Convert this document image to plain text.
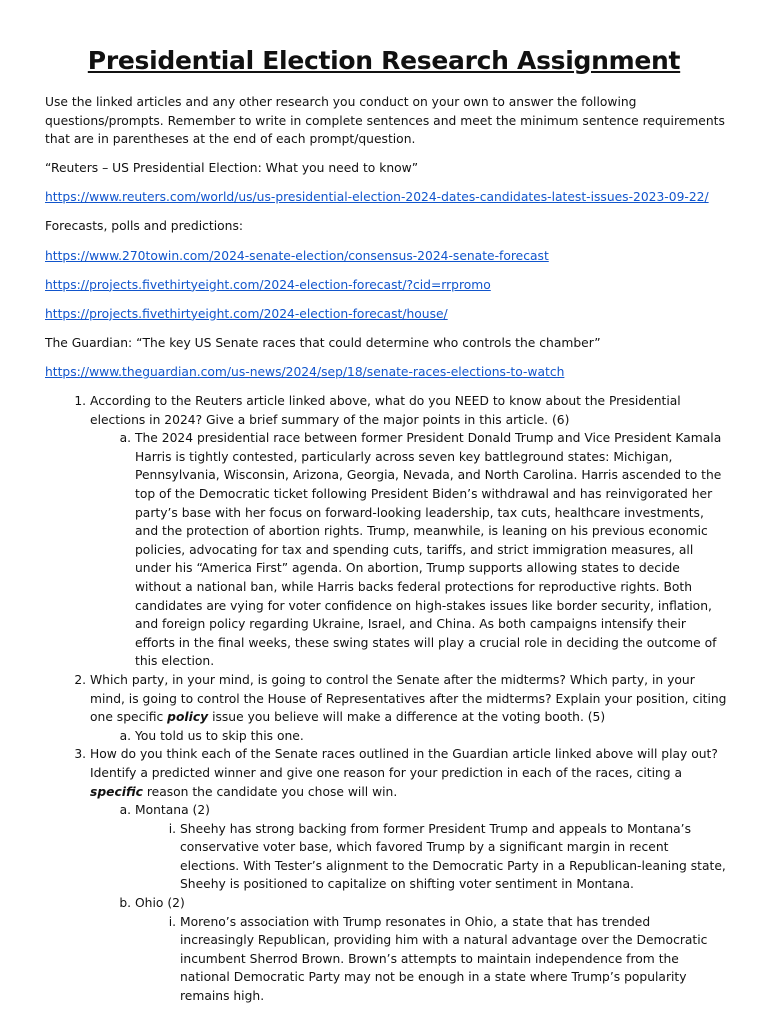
Presidential Election Research Assignment

Use the linked articles and any other research you conduct on your own to answer the following questions/prompts. Remember to write in complete sentences and meet the minimum sentence requirements that are in parentheses at the end of each prompt/question.

“Reuters – US Presidential Election: What you need to know”

https://www.reuters.com/world/us/us-presidential-election-2024-dates-candidates-latest-issues-2023-09-22/

Forecasts, polls and predictions:

https://www.270towin.com/2024-senate-election/consensus-2024-senate-forecast

https://projects.fivethirtyeight.com/2024-election-forecast/?cid=rrpromo

https://projects.fivethirtyeight.com/2024-election-forecast/house/

The Guardian: “The key US Senate races that could determine who controls the chamber”

https://www.theguardian.com/us-news/2024/sep/18/senate-races-elections-to-watch

1. According to the Reuters article linked above, what do you NEED to know about the Presidential elections in 2024? Give a brief summary of the major points in this article. (6)
a. The 2024 presidential race between former President Donald Trump and Vice President Kamala Harris is tightly contested, particularly across seven key battleground states: Michigan, Pennsylvania, Wisconsin, Arizona, Georgia, Nevada, and North Carolina. Harris ascended to the top of the Democratic ticket following President Biden’s withdrawal and has reinvigorated her party’s base with her focus on forward-looking leadership, tax cuts, healthcare investments, and the protection of abortion rights. Trump, meanwhile, is leaning on his previous economic policies, advocating for tax and spending cuts, tariffs, and strict immigration measures, all under his “America First” agenda. On abortion, Trump supports allowing states to decide without a national ban, while Harris backs federal protections for reproductive rights. Both candidates are vying for voter confidence on high-stakes issues like border security, inflation, and foreign policy regarding Ukraine, Israel, and China. As both campaigns intensify their efforts in the final weeks, these swing states will play a crucial role in deciding the outcome of this election.
2. Which party, in your mind, is going to control the Senate after the midterms? Which party, in your mind, is going to control the House of Representatives after the midterms? Explain your position, citing one specific policy issue you believe will make a difference at the voting booth. (5)
a. You told us to skip this one.
3. How do you think each of the Senate races outlined in the Guardian article linked above will play out? Identify a predicted winner and give one reason for your prediction in each of the races, citing a specific reason the candidate you chose will win.
a. Montana (2)
i. Sheehy has strong backing from former President Trump and appeals to Montana’s conservative voter base, which favored Trump by a significant margin in recent elections. With Tester’s alignment to the Democratic Party in a Republican-leaning state, Sheehy is positioned to capitalize on shifting voter sentiment in Montana.
b. Ohio (2)
i. Moreno’s association with Trump resonates in Ohio, a state that has trended increasingly Republican, providing him with a natural advantage over the Democratic incumbent Sherrod Brown. Brown’s attempts to maintain independence from the national Democratic Party may not be enough in a state where Trump’s popularity remains high.
